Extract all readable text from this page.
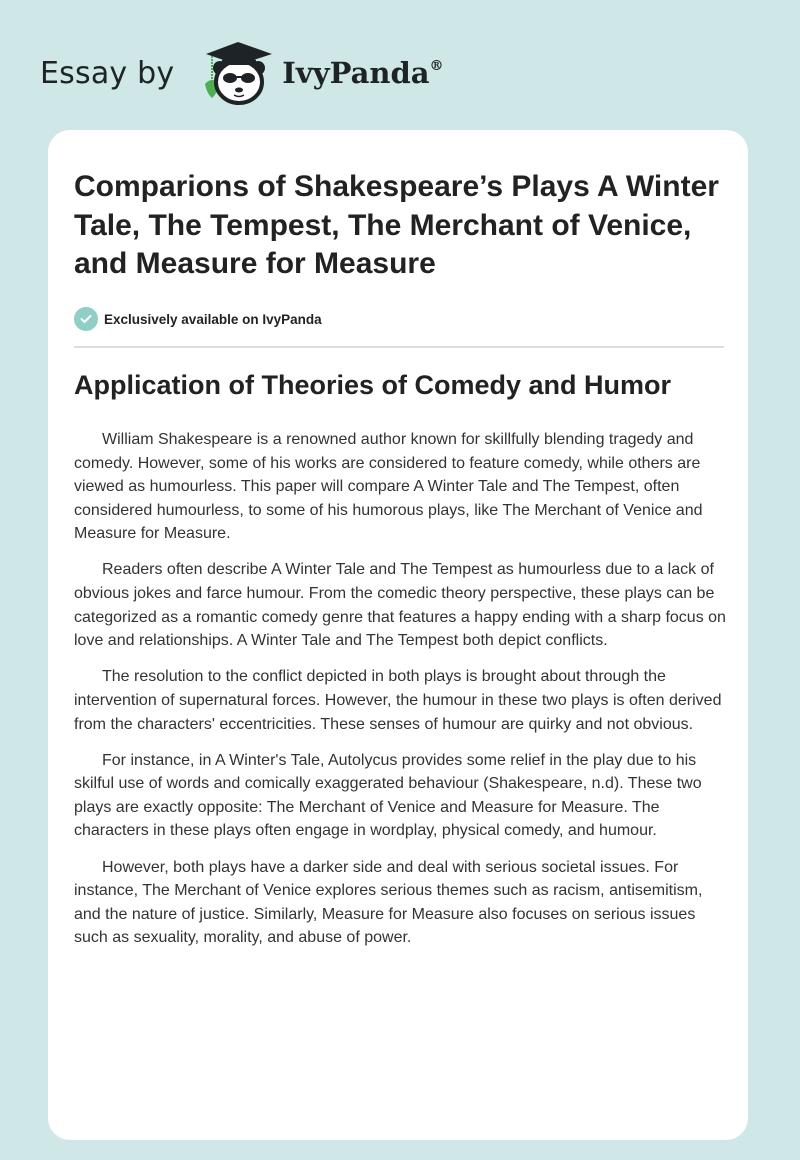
Essay by	IvyPanda®
Comparions of Shakespeare’s Plays A Winter Tale, The Tempest, The Merchant of Venice, and Measure for Measure
Exclusively available on IvyPanda
Application of Theories of Comedy and Humor

William Shakespeare is a renowned author known for skillfully blending tragedy and comedy. However, some of his works are considered to feature comedy, while others are viewed as humourless. This paper will compare A Winter Tale and The Tempest, often considered humourless, to some of his humorous plays, like The Merchant of Venice and Measure for Measure.

Readers often describe A Winter Tale and The Tempest as humourless due to a lack of obvious jokes and farce humour. From the comedic theory perspective, these plays can be categorized as a romantic comedy genre that features a happy ending with a sharp focus on love and relationships. A Winter Tale and The Tempest both depict conflicts.

The resolution to the conflict depicted in both plays is brought about through the intervention of supernatural forces. However, the humour in these two plays is often derived from the characters' eccentricities. These senses of humour are quirky and not obvious.

For instance, in A Winter's Tale, Autolycus provides some relief in the play due to his skilful use of words and comically exaggerated behaviour (Shakespeare, n.d). These two plays are exactly opposite: The Merchant of Venice and Measure for Measure. The characters in these plays often engage in wordplay, physical comedy, and humour.

However, both plays have a darker side and deal with serious societal issues. For instance, The Merchant of Venice explores serious themes such as racism, antisemitism, and the nature of justice. Similarly, Measure for Measure also focuses on serious issues such as sexuality, morality, and abuse of power.
